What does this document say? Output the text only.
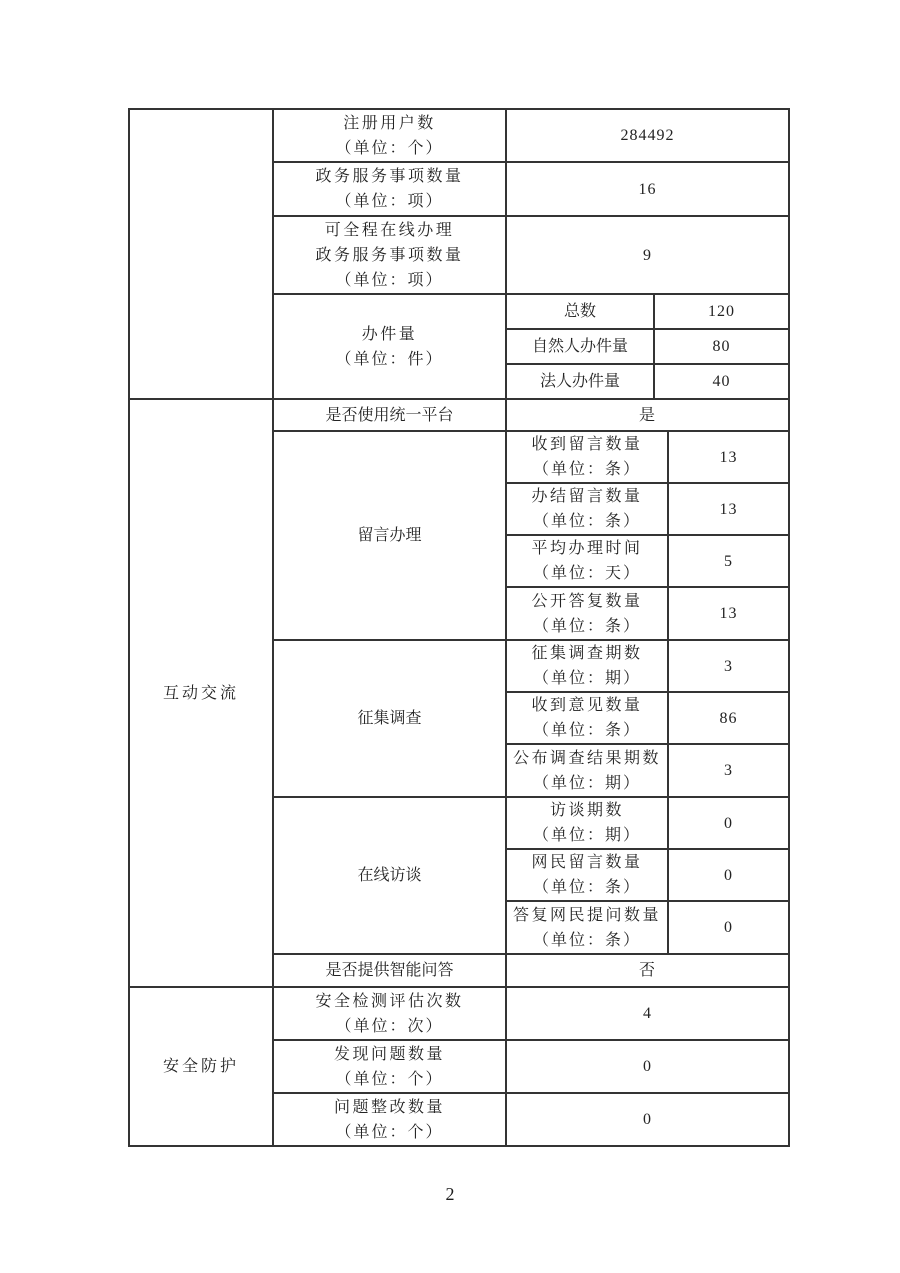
	注册用户数
（单位：个）	284492		

	政务服务事项数量
（单位：项）	16		

	可全程在线办理
政务服务事项数量
（单位：项）	9		

	办件量
（单位：件）	总数	120	
		自然人办件量	80	
		法人办件量	40	
互动交流	是否使用统一平台	是		
	留言办理	收到留言数量
（单位：条）		13

		办结留言数量
（单位：条）		13

		平均办理时间
（单位：天）		5

		公开答复数量
（单位：条）		13
	征集调查	征集调查期数
（单位：期）		3

		收到意见数量
（单位：条）		86

		公布调查结果期数
（单位：期）		3
	在线访谈	访谈期数
（单位：期）		0

		网民留言数量
（单位：条）		0

		答复网民提问数量
（单位：条）		0
	是否提供智能问答	否		
安全防护	安全检测评估次数
（单位：次）	4		

	发现问题数量
（单位：个）	0		

	问题整改数量
（单位：个）	0		
2
